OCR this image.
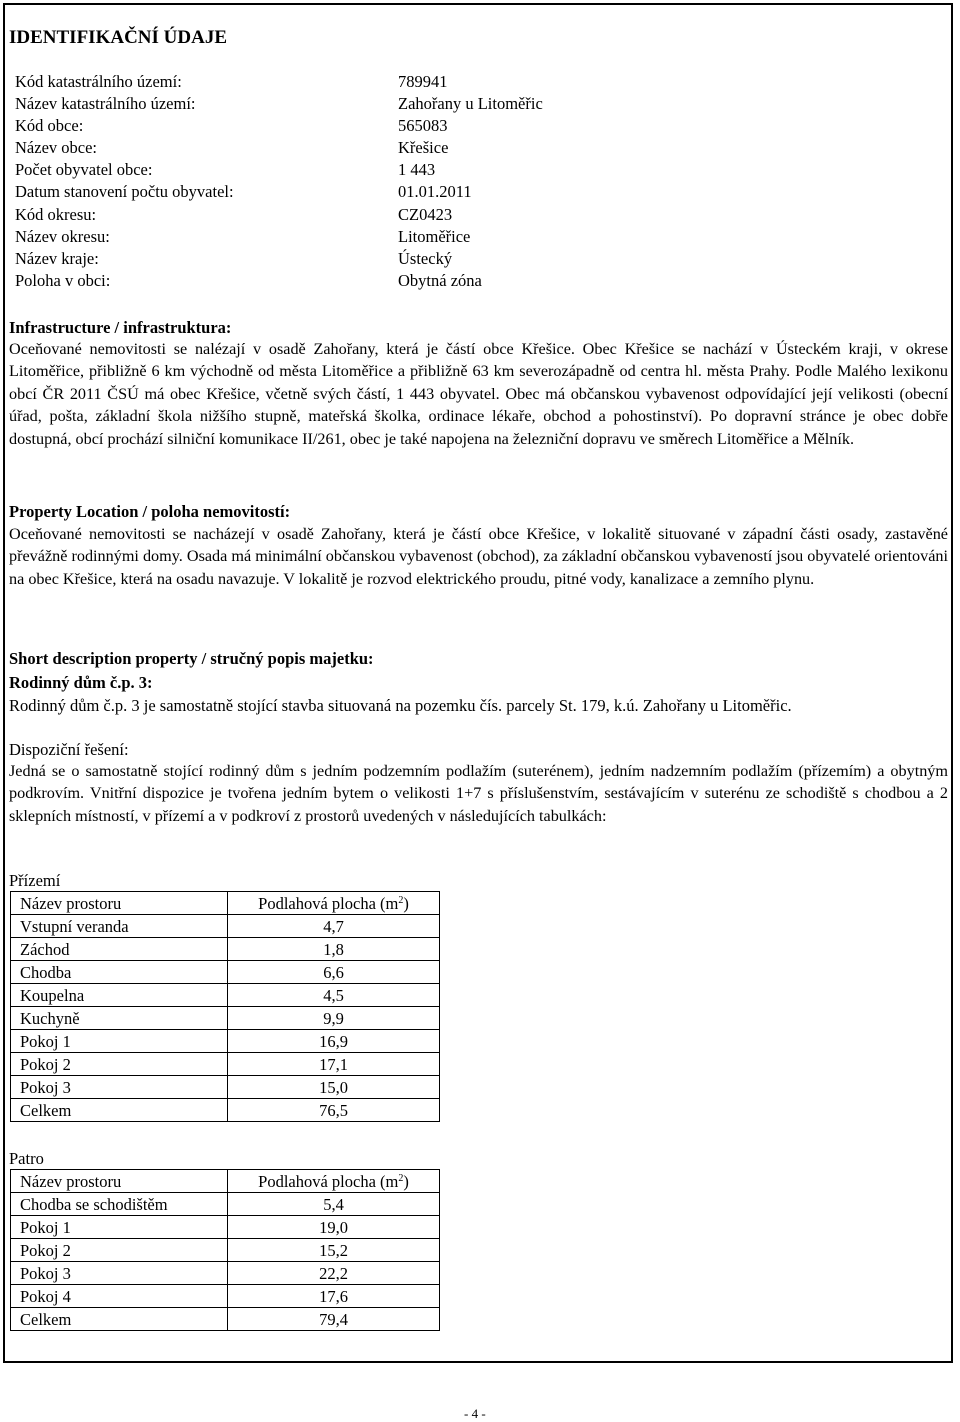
IDENTIFIKAČNÍ ÚDAJE
Kód katastrálního území:	789941
Název katastrálního území:	Zahořany u Litoměřic
Kód obce:	565083
Název obce:	Křešice
Počet obyvatel obce:	1 443
Datum stanovení počtu obyvatel:	01.01.2011
Kód okresu:	CZ0423
Název okresu:	Litoměřice
Název kraje:	Ústecký
Poloha v obci:	Obytná zóna

Infrastructure / infrastruktura:

Oceňované nemovitosti se nalézají v osadě Zahořany, která je částí obce Křešice. Obec Křešice se nachází v Ústeckém kraji, v okrese Litoměřice, přibližně 6 km východně od města Litoměřice a přibližně 63 km severozápadně od centra hl. města Prahy. Podle Malého lexikonu obcí ČR 2011 ČSÚ má obec Křešice, včetně svých částí, 1 443 obyvatel. Obec má občanskou vybavenost odpovídající její velikosti (obecní úřad, pošta, základní škola nižšího stupně, mateřská školka, ordinace lékaře, obchod a pohostinství). Po dopravní stránce je obec dobře dostupná, obcí prochází silniční komunikace II/261, obec je také napojena na železniční dopravu ve směrech Litoměřice a Mělník.

Property Location / poloha nemovitostí:

Oceňované nemovitosti se nacházejí v osadě Zahořany, která je částí obce Křešice, v lokalitě situované v západní části osady, zastavěné převážně rodinnými domy. Osada má minimální občanskou vybavenost (obchod), za základní občanskou vybaveností jsou obyvatelé orientováni na obec Křešice, která na osadu navazuje. V lokalitě je rozvod elektrického proudu, pitné vody, kanalizace a zemního plynu.

Short description property / stručný popis majetku:

Rodinný dům č.p. 3:

Rodinný dům č.p. 3 je samostatně stojící stavba situovaná na pozemku čís. parcely St. 179, k.ú. Zahořany u Litoměřic.

Dispoziční řešení:

Jedná se o samostatně stojící rodinný dům s jedním podzemním podlažím (suterénem), jedním nadzemním podlažím (přízemím) a obytným podkrovím. Vnitřní dispozice je tvořena jedním bytem o velikosti 1+7 s příslušenstvím, sestávajícím v suterénu ze schodiště s chodbou a 2 sklepních místností, v přízemí a v podkroví z prostorů uvedených v následujících tabulkách:

Přízemí

Název prostoru	Podlahová plocha $(m^2)$
Vstupní veranda	4,7
Záchod	1,8
Chodba	6,6
Koupelna	4,5
Kuchyně	9,9
Pokoj 1	16,9
Pokoj 2	17,1
Pokoj 3	15,0
Celkem	76,5

Patro

Název prostoru	Podlahová plocha $(m^2)$
Chodba se schodištěm	5,4
Pokoj 1	19,0
Pokoj 2	15,2
Pokoj 3	22,2
Pokoj 4	17,6
Celkem	79,4

- 4 -
